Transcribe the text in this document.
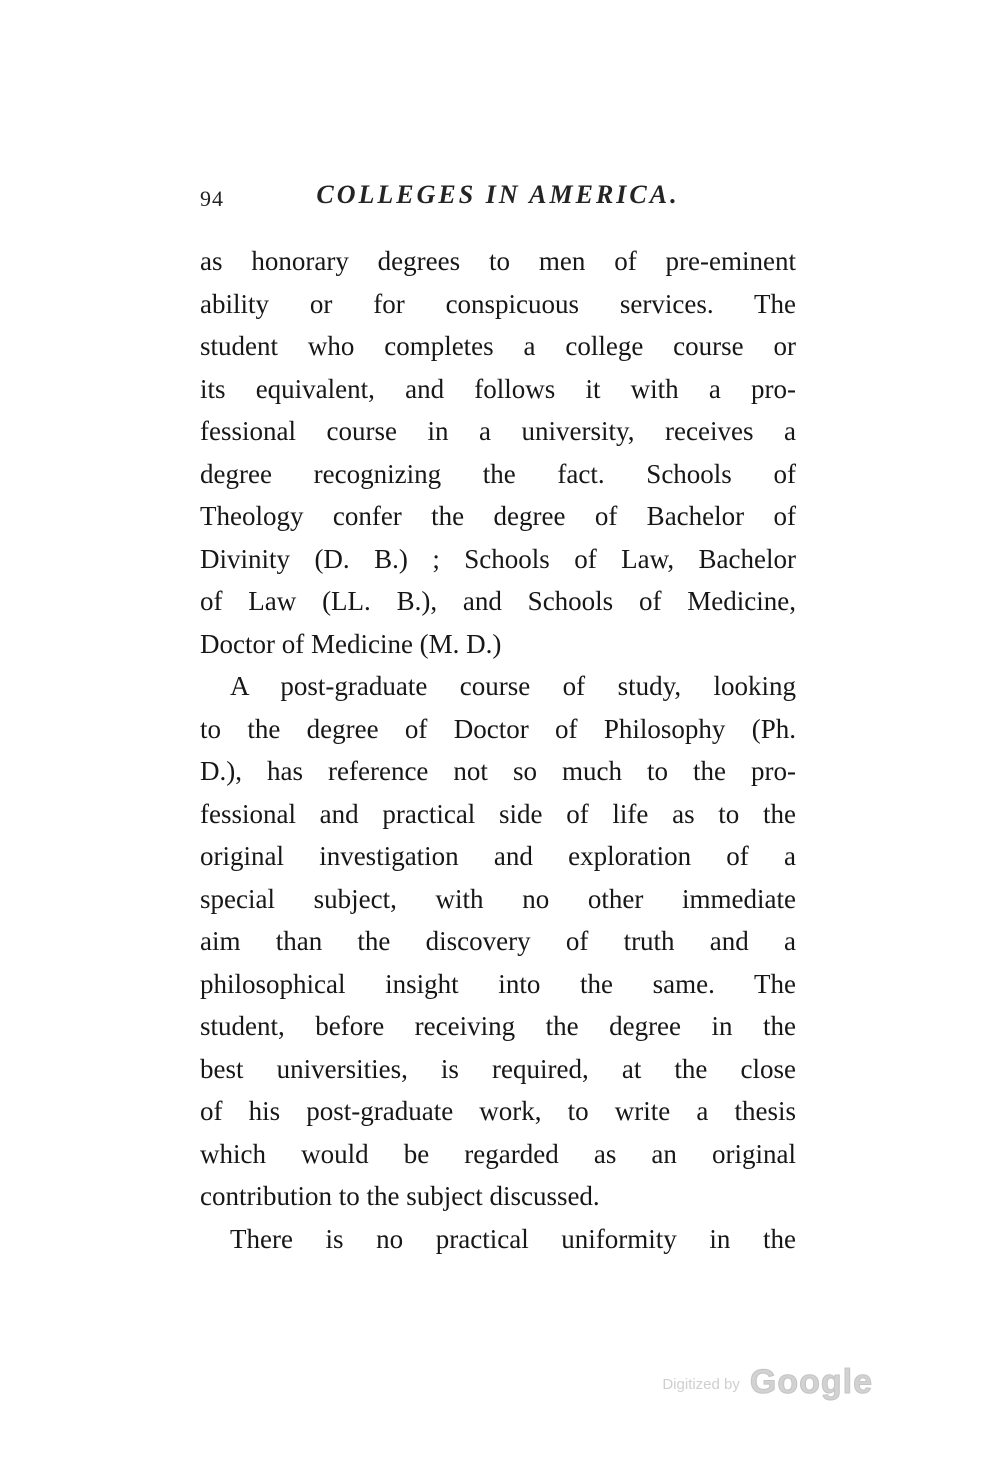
94	COLLEGES IN AMERICA.
as honorary degrees to men of pre-eminent
ability or for conspicuous services. The
student who completes a college course or
its equivalent, and follows it with a pro-
fessional course in a university, receives a
degree recognizing the fact. Schools of
Theology confer the degree of Bachelor of
Divinity (D. B.) ; Schools of Law, Bachelor
of Law (LL. B.), and Schools of Medicine,
Doctor of Medicine (M. D.)
A post-graduate course of study, looking
to the degree of Doctor of Philosophy (Ph.
D.), has reference not so much to the pro-
fessional and practical side of life as to the
original investigation and exploration of a
special subject, with no other immediate
aim than the discovery of truth and a
philosophical insight into the same. The
student, before receiving the degree in the
best universities, is required, at the close
of his post-graduate work, to write a thesis
which would be regarded as an original
contribution to the subject discussed.
There is no practical uniformity in the
Digitized by Google
